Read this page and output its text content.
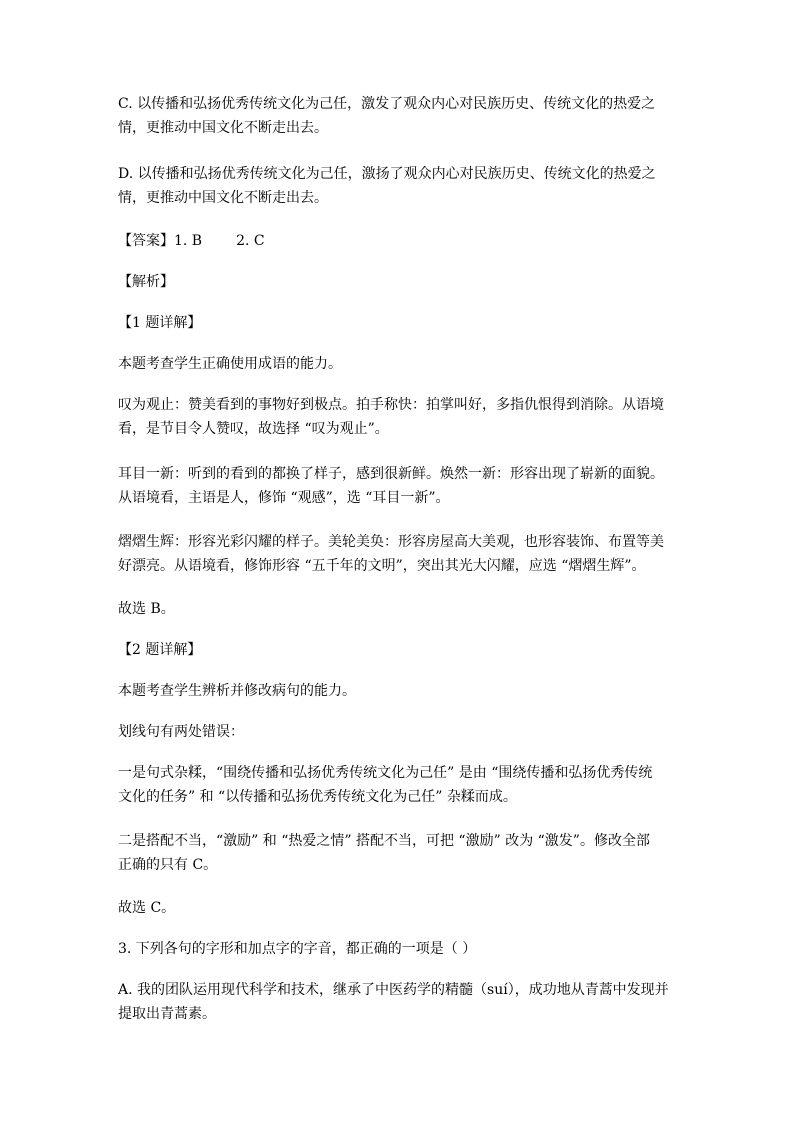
C. 以传播和弘扬优秀传统文化为己任，激发了观众内心对民族历史、传统文化的热爱之
情，更推动中国文化不断走出去。

D. 以传播和弘扬优秀传统文化为己任，激扬了观众内心对民族历史、传统文化的热爱之
情，更推动中国文化不断走出去。

【答案】1. B 2. C

【解析】

【1 题详解】

本题考查学生正确使用成语的能力。

叹为观止：赞美看到的事物好到极点。拍手称快：拍掌叫好，多指仇恨得到消除。从语境
看，是节目令人赞叹，故选择 “叹为观止”。

耳目一新：听到的看到的都换了样子，感到很新鲜。焕然一新：形容出现了崭新的面貌。
从语境看，主语是人，修饰 “观感”，选 “耳目一新”。

熠熠生辉：形容光彩闪耀的样子。美轮美奂：形容房屋高大美观，也形容装饰、布置等美
好漂亮。从语境看，修饰形容 “五千年的文明”，突出其光大闪耀，应选 “熠熠生辉”。

故选 B。

【2 题详解】

本题考查学生辨析并修改病句的能力。

划线句有两处错误：

一是句式杂糅，“围绕传播和弘扬优秀传统文化为己任” 是由 “围绕传播和弘扬优秀传统
文化的任务” 和 “以传播和弘扬优秀传统文化为己任” 杂糅而成。

二是搭配不当，“激励” 和 “热爱之情” 搭配不当，可把 “激励” 改为 “激发”。修改全部
正确的只有 C。

故选 C。

3. 下列各句的字形和加点字的字音，都正确的一项是（ ）

A. 我的团队运用现代科学和技术，继承了中医药学的精髓（suí），成功地从青蒿中发现并
提取出青蒿素。
